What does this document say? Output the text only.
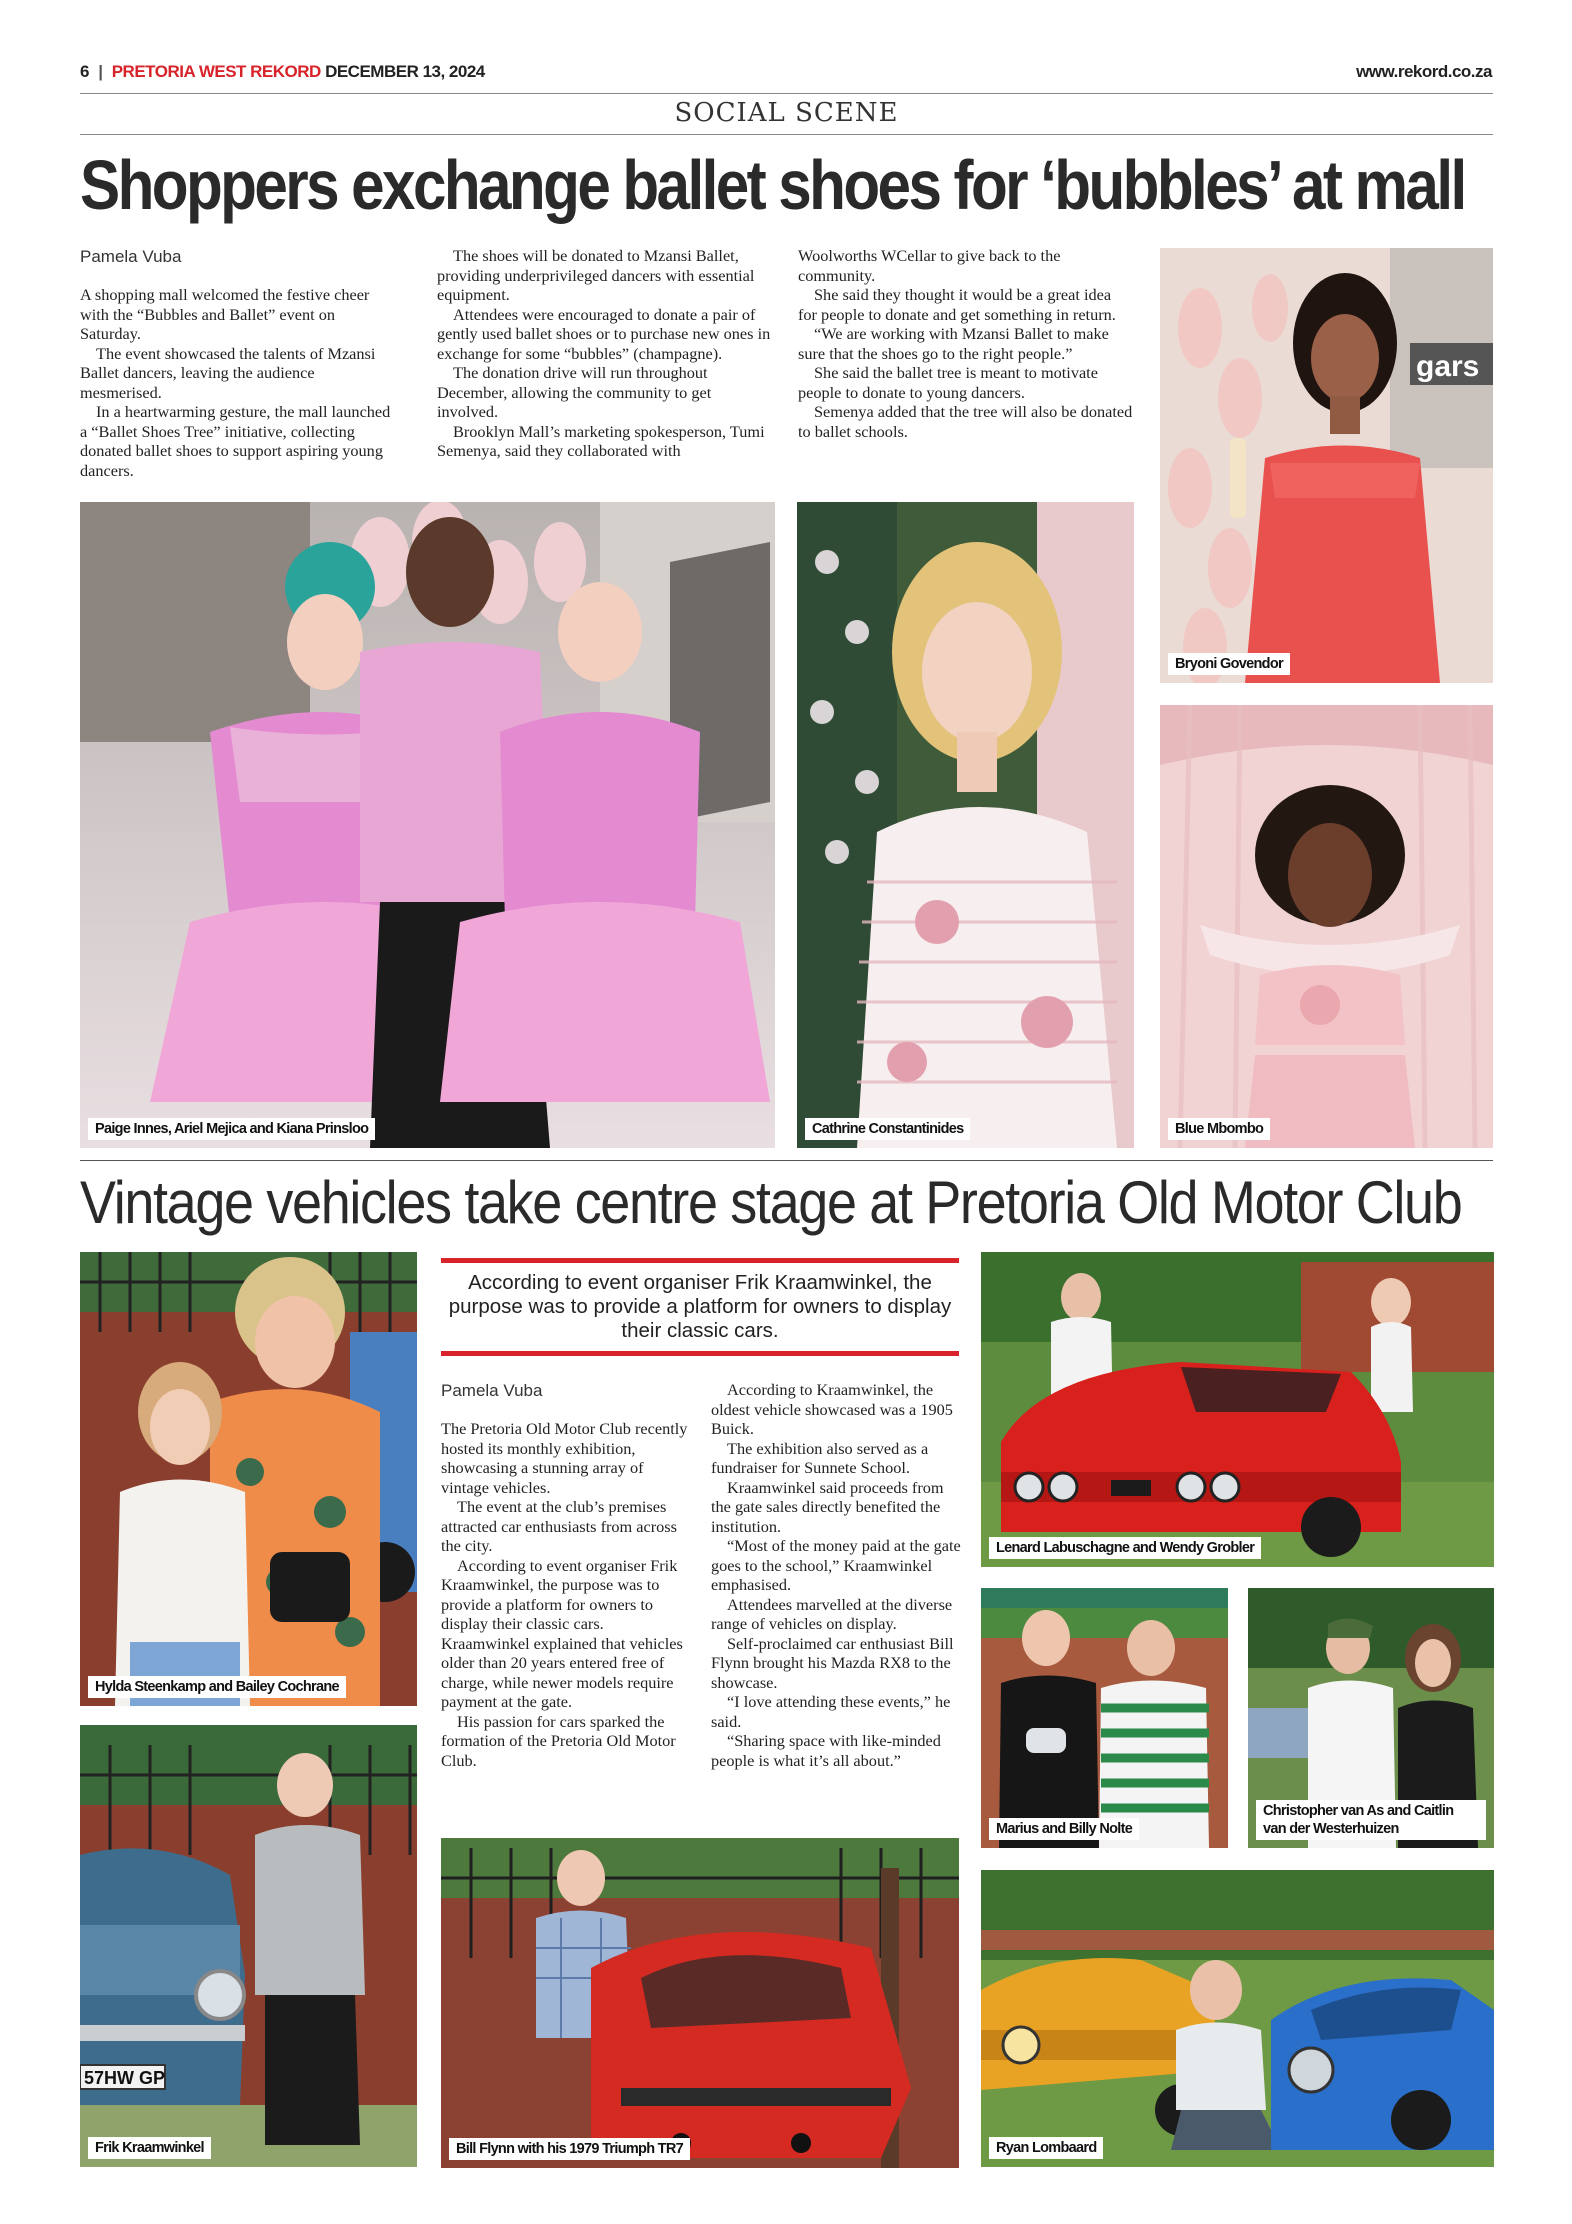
6 | PRETORIA WEST REKORD DECEMBER 13, 2024	www.rekord.co.za
SOCIAL SCENE
Shoppers exchange ballet shoes for ‘bubbles’ at mall
Pamela Vuba

A shopping mall welcomed the festive cheer with the “Bubbles and Ballet” event on Saturday.

The event showcased the talents of Mzansi Ballet dancers, leaving the audience mesmerised.

In a heartwarming gesture, the mall launched a “Ballet Shoes Tree” initiative, collecting donated ballet shoes to support aspiring young dancers.

The shoes will be donated to Mzansi Ballet, providing underprivileged dancers with essential equipment.

Attendees were encouraged to donate a pair of gently used ballet shoes or to purchase new ones in exchange for some “bubbles” (champagne).

The donation drive will run throughout December, allowing the community to get involved.

Brooklyn Mall’s marketing spokesperson, Tumi Semenya, said they collaborated with

Woolworths WCellar to give back to the community.

She said they thought it would be a great idea for people to donate and get something in return.

“We are working with Mzansi Ballet to make sure that the shoes go to the right people.”

She said the ballet tree is meant to motivate people to donate to young dancers.

Semenya added that the tree will also be donated to ballet schools.

gars
Bryoni Govendor
Paige Innes, Ariel Mejica and Kiana Prinsloo	Cathrine Constantinides	Blue Mbombo
Vintage vehicles take centre stage at Pretoria Old Motor Club
Hylda Steenkamp and Bailey Cochrane
57HW GP
Frik Kraamwinkel
According to event organiser Frik Kraamwinkel, the purpose was to provide a platform for owners to display their classic cars.
Pamela Vuba

The Pretoria Old Motor Club recently hosted its monthly exhibition, showcasing a stunning array of vintage vehicles.

The event at the club’s premises attracted car enthusiasts from across the city.

According to event organiser Frik Kraamwinkel, the purpose was to provide a platform for owners to display their classic cars. Kraamwinkel explained that vehicles older than 20 years entered free of charge, while newer models require payment at the gate.

His passion for cars sparked the formation of the Pretoria Old Motor Club.

According to Kraamwinkel, the oldest vehicle showcased was a 1905 Buick.

The exhibition also served as a fundraiser for Sunnete School.

Kraamwinkel said proceeds from the gate sales directly benefited the institution.

“Most of the money paid at the gate goes to the school,” Kraamwinkel emphasised.

Attendees marvelled at the diverse range of vehicles on display.

Self-proclaimed car enthusiast Bill Flynn brought his Mazda RX8 to the showcase.

“I love attending these events,” he said.

“Sharing space with like-minded people is what it’s all about.”

Bill Flynn with his 1979 Triumph TR7
Lenard Labuschagne and Wendy Grobler
Marius and Billy Nolte
Christopher van As and Caitlin van der Westerhuizen
Ryan Lombaard
